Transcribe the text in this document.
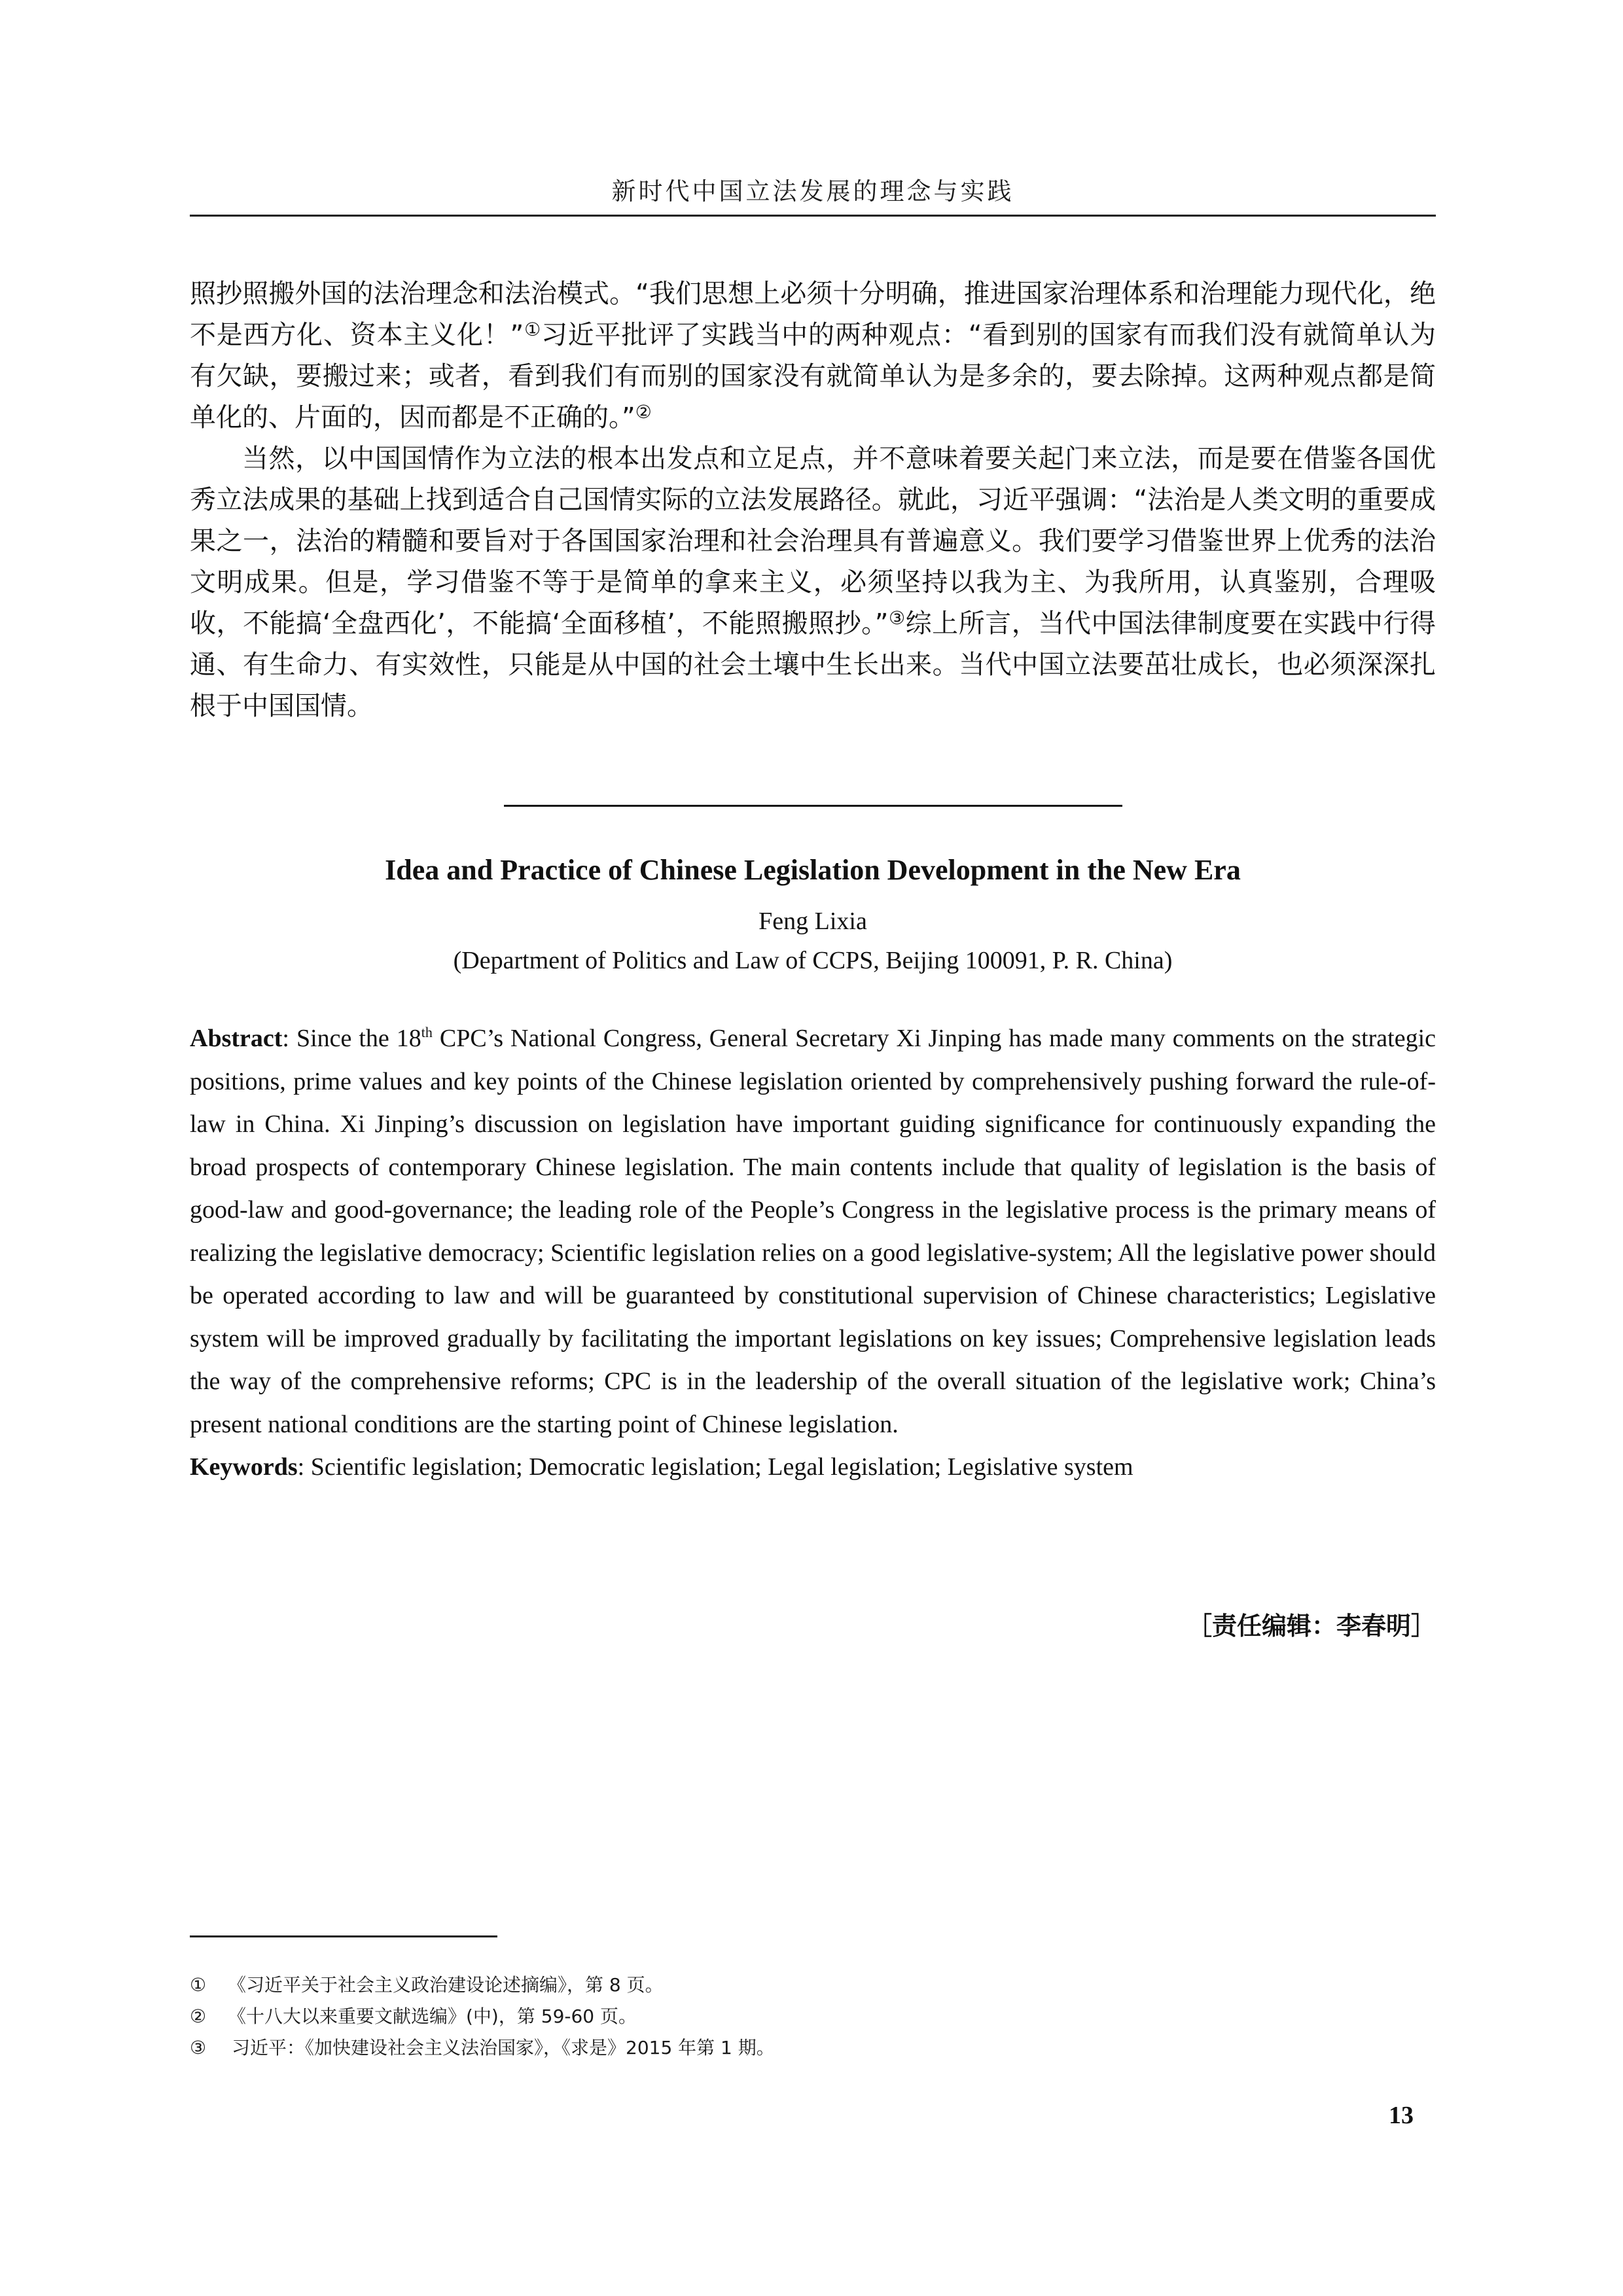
新时代中国立法发展的理念与实践

照抄照搬外国的法治理念和法治模式。“我们思想上必须十分明确，推进国家治理体系和治理能力现代化，绝不是西方化、资本主义化！”①习近平批评了实践当中的两种观点：“看到别的国家有而我们没有就简单认为有欠缺，要搬过来；或者，看到我们有而别的国家没有就简单认为是多余的，要去除掉。这两种观点都是简单化的、片面的，因而都是不正确的。”②

当然，以中国国情作为立法的根本出发点和立足点，并不意味着要关起门来立法，而是要在借鉴各国优秀立法成果的基础上找到适合自己国情实际的立法发展路径。就此，习近平强调：“法治是人类文明的重要成果之一，法治的精髓和要旨对于各国国家治理和社会治理具有普遍意义。我们要学习借鉴世界上优秀的法治文明成果。但是，学习借鉴不等于是简单的拿来主义，必须坚持以我为主、为我所用，认真鉴别，合理吸收，不能搞‘全盘西化’，不能搞‘全面移植’，不能照搬照抄。”③综上所言，当代中国法律制度要在实践中行得通、有生命力、有实效性，只能是从中国的社会土壤中生长出来。当代中国立法要茁壮成长，也必须深深扎根于中国国情。

Idea and Practice of Chinese Legislation Development in the New Era
Feng Lixia
(Department of Politics and Law of CCPS, Beijing 100091, P. R. China)

Abstract: Since the 18th CPC’s National Congress, General Secretary Xi Jinping has made many comments on the strategic positions, prime values and key points of the Chinese legislation oriented by comprehensively pushing forward the rule-of-law in China. Xi Jinping’s discussion on legislation have important guiding significance for continuously expanding the broad prospects of contemporary Chinese legislation. The main contents include that quality of legislation is the basis of good-law and good-governance; the leading role of the People’s Congress in the legislative process is the primary means of realizing the legislative democracy; Scientific legislation relies on a good legislative-system; All the legislative power should be operated according to law and will be guaranteed by constitutional supervision of Chinese characteristics; Legislative system will be improved gradually by facilitating the important legislations on key issues; Comprehensive legislation leads the way of the comprehensive reforms; CPC is in the leadership of the overall situation of the legislative work; China’s present national conditions are the starting point of Chinese legislation.

Keywords: Scientific legislation; Democratic legislation; Legal legislation; Legislative system

［责任编辑：李春明］
①	《习近平关于社会主义政治建设论述摘编》，第 8 页。
②	《十八大以来重要文献选编》(中)，第 59-60 页。
③	习近平：《加快建设社会主义法治国家》，《求是》2015 年第 1 期。
13
